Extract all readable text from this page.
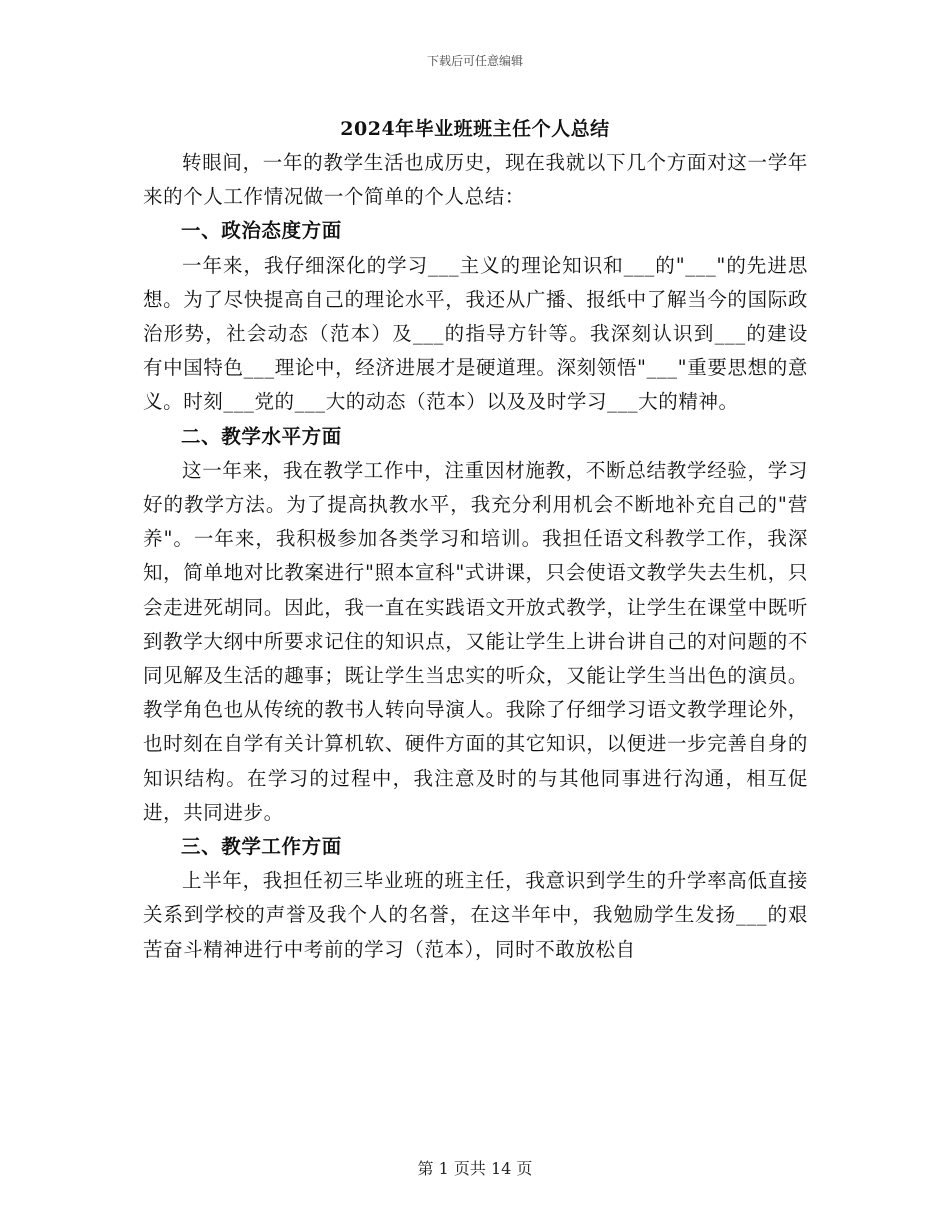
下载后可任意编辑
2024年毕业班班主任个人总结

转眼间，一年的教学生活也成历史，现在我就以下几个方面对这一学年来的个人工作情况做一个简单的个人总结：

一、政治态度方面

一年来，我仔细深化的学习___主义的理论知识和___的"___"的先进思想。为了尽快提高自己的理论水平，我还从广播、报纸中了解当今的国际政治形势，社会动态（范本）及___的指导方针等。我深刻认识到___的建设有中国特色___理论中，经济进展才是硬道理。深刻领悟"___"重要思想的意义。时刻___党的___大的动态（范本）以及及时学习___大的精神。

二、教学水平方面

这一年来，我在教学工作中，注重因材施教，不断总结教学经验，学习好的教学方法。为了提高执教水平，我充分利用机会不断地补充自己的"营养"。一年来，我积极参加各类学习和培训。我担任语文科教学工作，我深知，简单地对比教案进行"照本宣科"式讲课，只会使语文教学失去生机，只会走进死胡同。因此，我一直在实践语文开放式教学，让学生在课堂中既听到教学大纲中所要求记住的知识点，又能让学生上讲台讲自己的对问题的不同见解及生活的趣事；既让学生当忠实的听众，又能让学生当出色的演员。教学角色也从传统的教书人转向导演人。我除了仔细学习语文教学理论外，也时刻在自学有关计算机软、硬件方面的其它知识，以便进一步完善自身的知识结构。在学习的过程中，我注意及时的与其他同事进行沟通，相互促进，共同进步。

三、教学工作方面

上半年，我担任初三毕业班的班主任，我意识到学生的升学率高低直接关系到学校的声誉及我个人的名誉，在这半年中，我勉励学生发扬___的艰苦奋斗精神进行中考前的学习（范本），同时不敢放松自

第 1 页共 14 页
